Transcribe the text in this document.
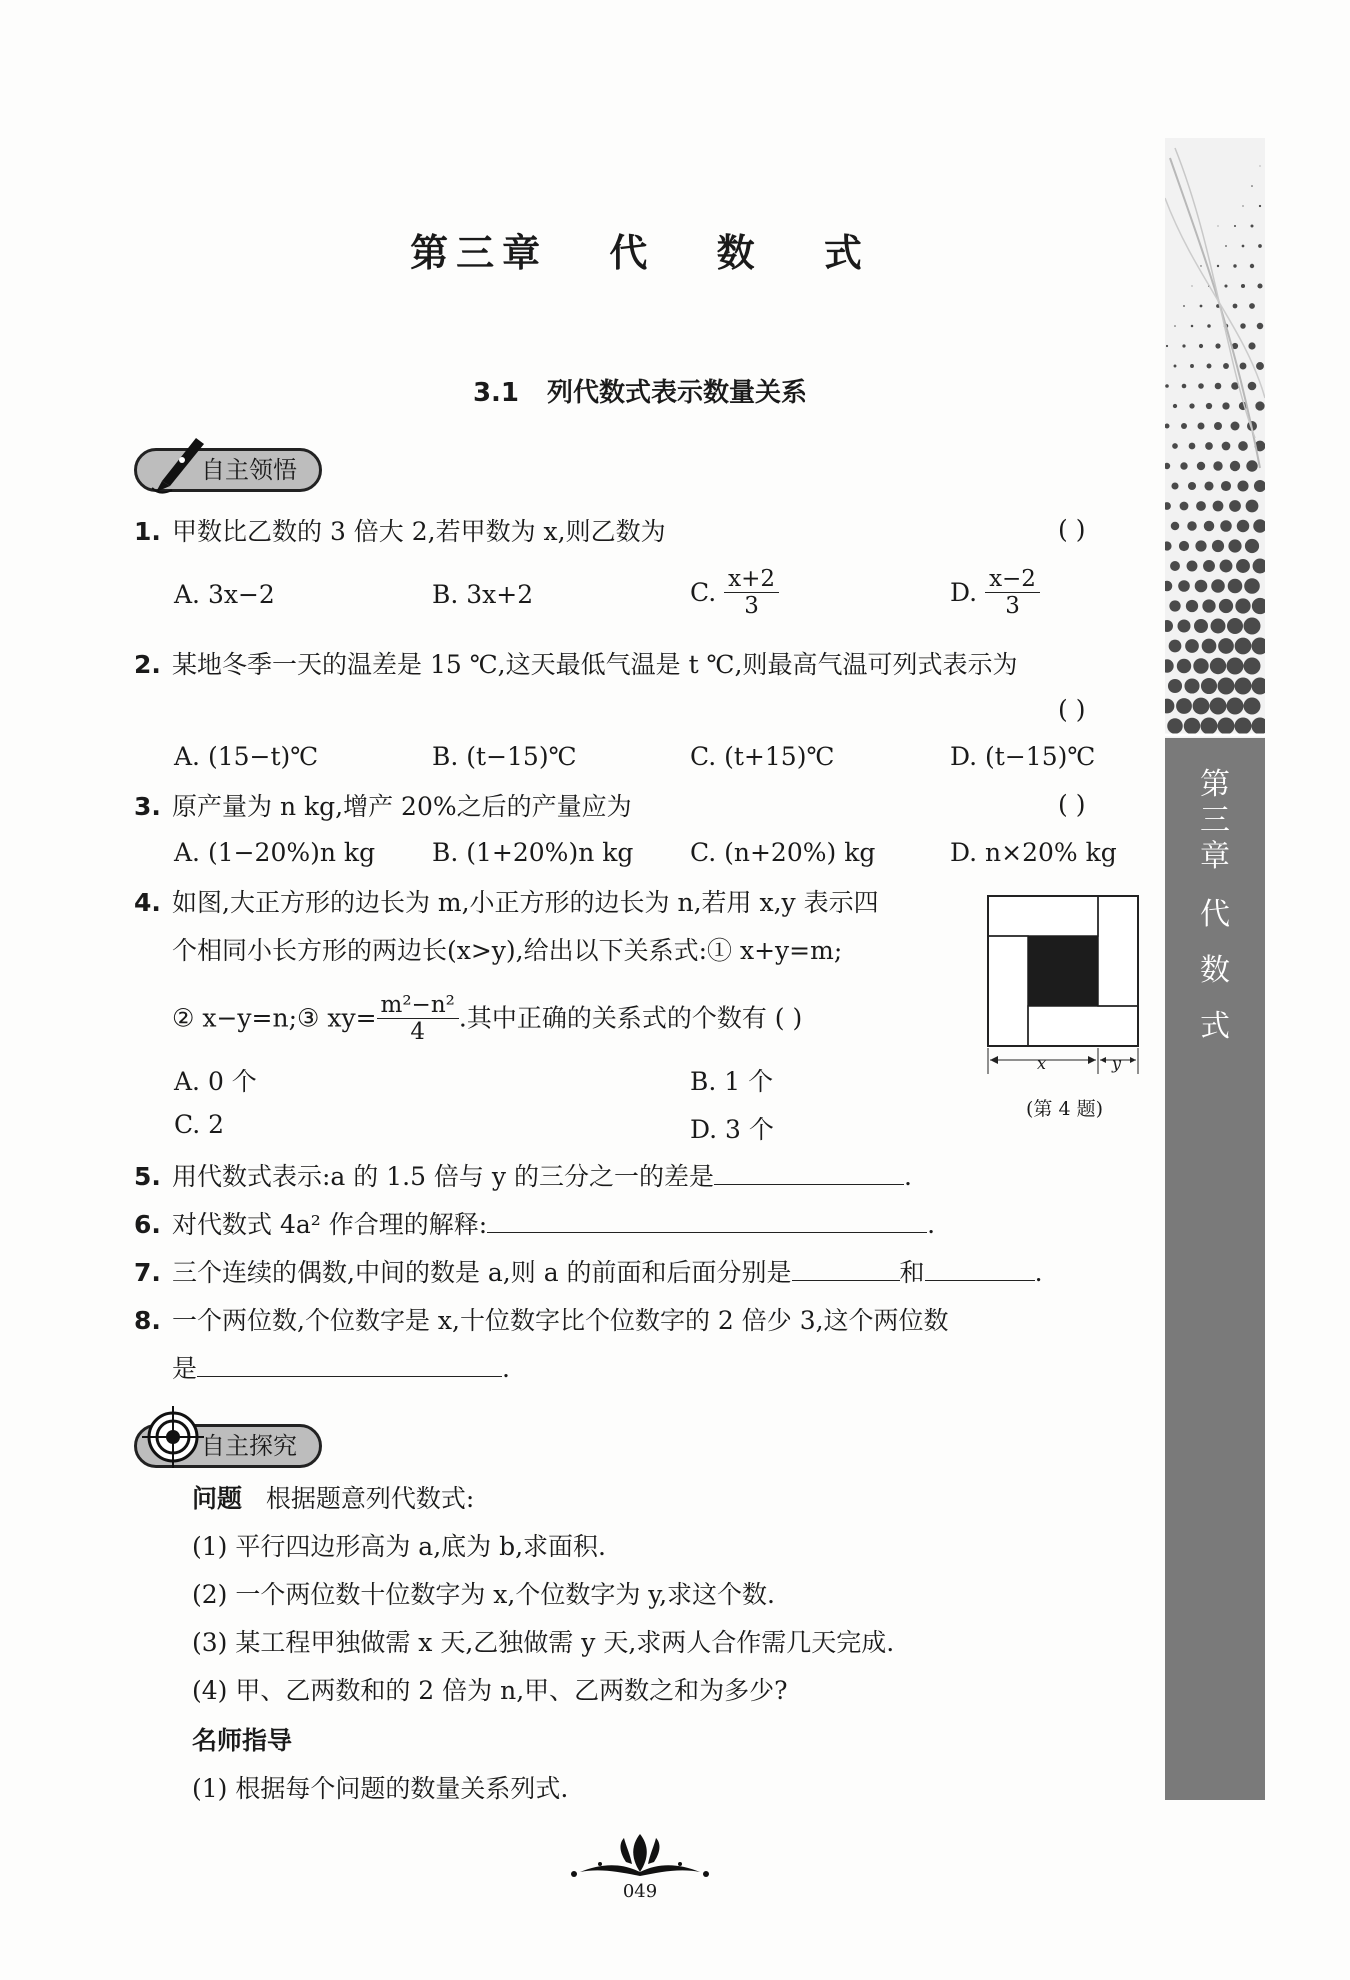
第三章 代 数 式
3.1 列代数式表示数量关系
自主领悟
1. 甲数比乙数的 3 倍大 2,若甲数为 x,则乙数为	( )
A. 3x−2	B. 3x+2	C. $\frac{x+2}{3}$	D. $\frac{x-2}{3}$
2. 某地冬季一天的温差是 15 ℃,这天最低气温是 t ℃,则最高气温可列式表示为
( )
A. (15−t)℃	B. (t−15)℃	C. (t+15)℃	D. (t−15)℃
3. 原产量为 n kg,增产 20%之后的产量应为	( )
A. (1−20%)n kg B. (1+20%)n kg C. (n+20%) kg	D. n×20% kg
4. 如图,大正方形的边长为 m,小正方形的边长为 n,若用 x,y 表示四
个相同小长方形的两边长(x>y),给出以下关系式:① x+y=m;
② x−y=n;③ $xy= \frac{\text{m²−n²}}{4}$ .其中正确的关系式的个数有 ( )
A. 0 个	B. 1 个
C. 2	D. 3 个
x	y
(第 4 题)
5. 用代数式表示:a 的 1.5 倍与 y 的三分之一的差是	.
6. 对代数式 4a² 作合理的解释:	.
7. 三个连续的偶数,中间的数是 a,则 a 的前面和后面分别是	和	.
8. 一个两位数,个位数字是 x,十位数字比个位数字的 2 倍少 3,这个两位数
是	.
自主探究
问题 根据题意列代数式:
(1) 平行四边形高为 a,底为 b,求面积.
(2) 一个两位数十位数字为 x,个位数字为 y,求这个数.
(3) 某工程甲独做需 x 天,乙独做需 y 天,求两人合作需几天完成.
(4) 甲、乙两数和的 2 倍为 n,甲、乙两数之和为多少?
名师指导
(1) 根据每个问题的数量关系列式.
第
三
章
代
数
式
049
